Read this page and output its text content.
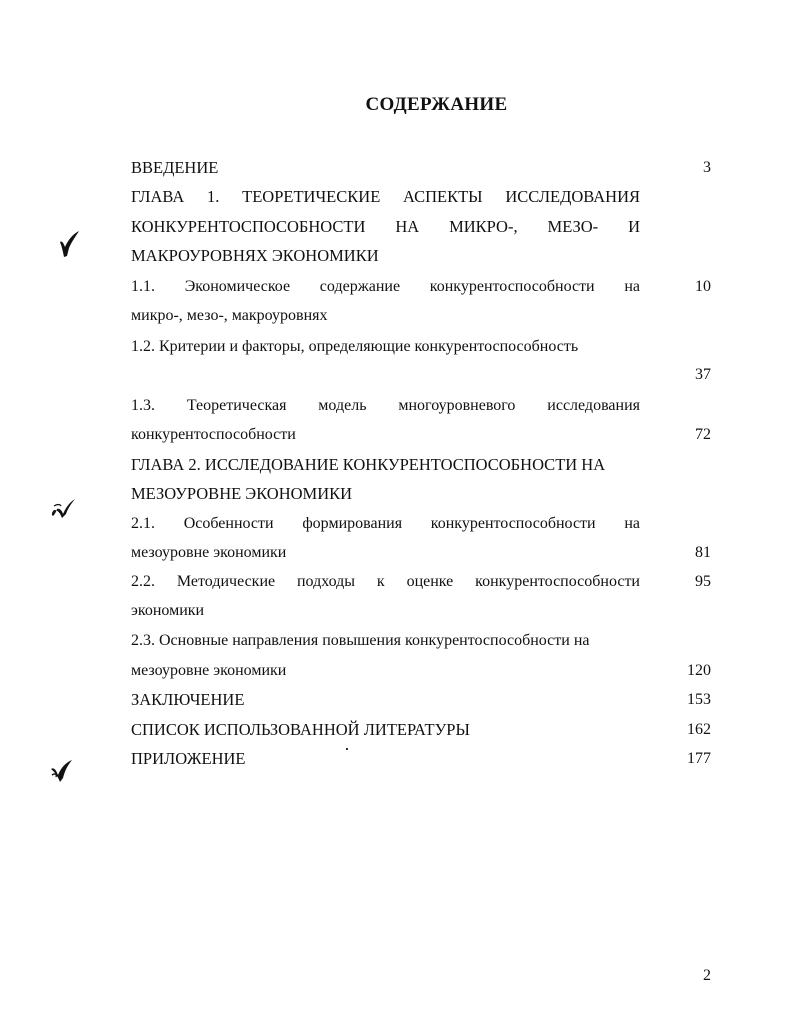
СОДЕРЖАНИЕ
ВВЕДЕНИЕ	3
ГЛАВА 1. ТЕОРЕТИЧЕСКИЕ АСПЕКТЫ ИССЛЕДОВАНИЯ
КОНКУРЕНТОСПОСОБНОСТИ НА МИКРО-, МЕЗО- И
МАКРОУРОВНЯХ ЭКОНОМИКИ
1.1. Экономическое содержание конкурентоспособности на	10
микро-, мезо-, макроуровнях
1.2. Критерии и факторы, определяющие конкурентоспособность
37
1.3. Теоретическая модель многоуровневого исследования
конкурентоспособности	72
ГЛАВА 2. ИССЛЕДОВАНИЕ КОНКУРЕНТОСПОСОБНОСТИ НА
МЕЗОУРОВНЕ ЭКОНОМИКИ
2.1. Особенности формирования конкурентоспособности на
мезоуровне экономики	81
2.2. Методические подходы к оценке конкурентоспособности	95
экономики
2.3. Основные направления повышения конкурентоспособности на
мезоуровне экономики	120
ЗАКЛЮЧЕНИЕ	153
СПИСОК ИСПОЛЬЗОВАННОЙ ЛИТЕРАТУРЫ	162
ПРИЛОЖЕНИЕ	177
2
